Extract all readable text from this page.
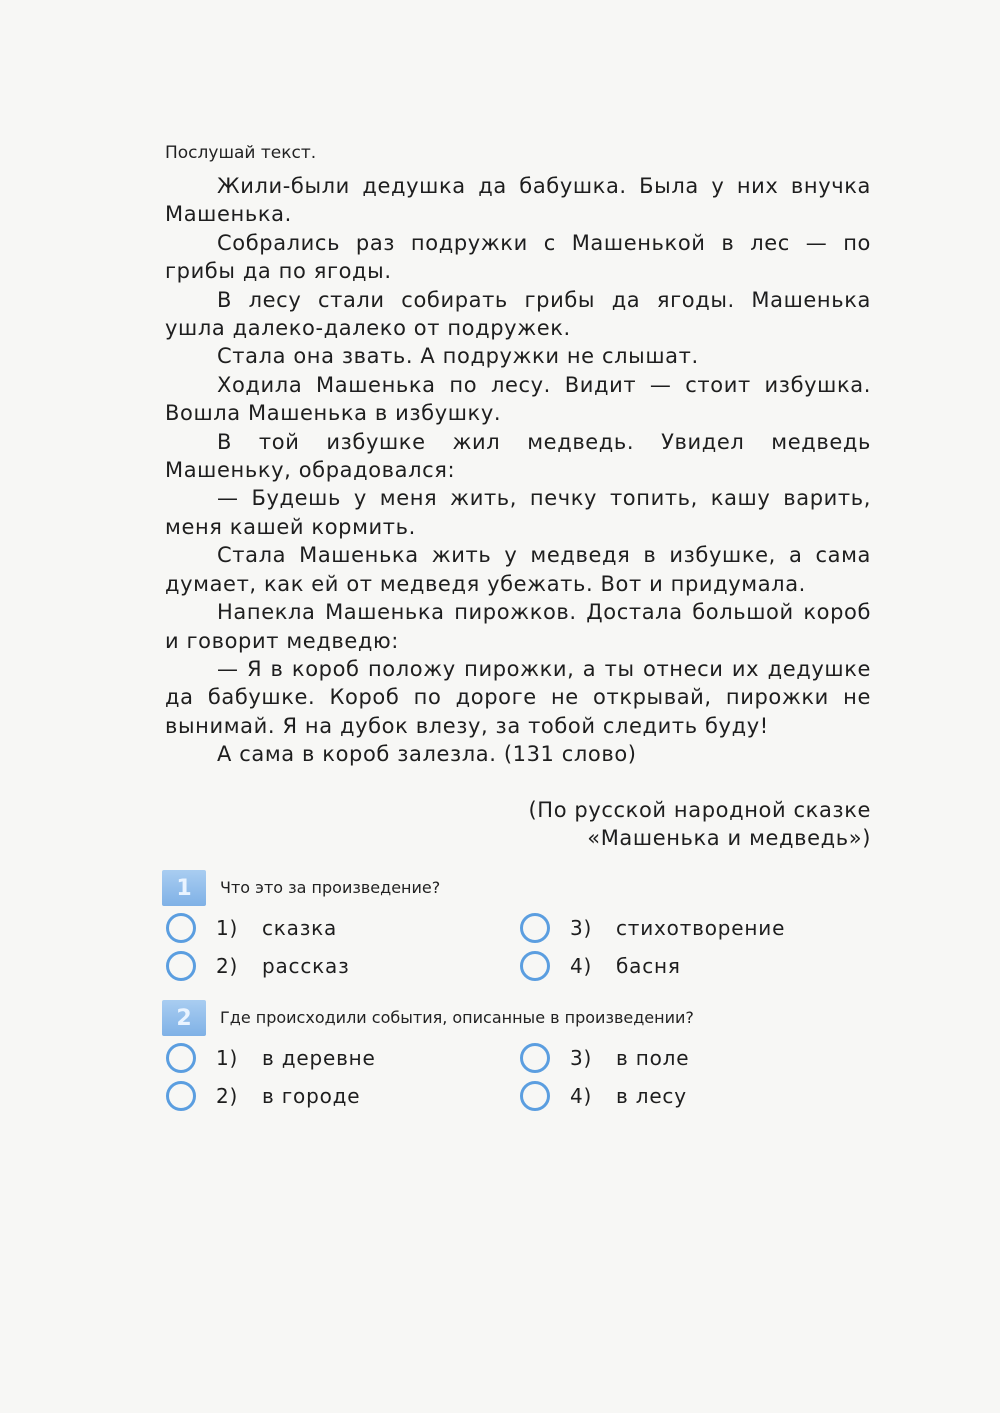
Послушай текст.

Жили-были дедушка да бабушка. Была у них внучка Машенька.

Собрались раз подружки с Машенькой в лес — по грибы да по ягоды.

В лесу стали собирать грибы да ягоды. Машенька ушла далеко-далеко от подружек.

Стала она звать. А подружки не слышат.

Ходила Машенька по лесу. Видит — стоит избушка. Вошла Машенька в избушку.

В той избушке жил медведь. Увидел медведь Машеньку, обрадовался:

— Будешь у меня жить, печку топить, кашу варить, меня кашей кормить.

Стала Машенька жить у медведя в избушке, а сама думает, как ей от медведя убежать. Вот и придумала.

Напекла Машенька пирожков. Достала большой короб и говорит медведю:

— Я в короб положу пирожки, а ты отнеси их дедушке да бабушке. Короб по дороге не открывай, пирожки не вынимай. Я на дубок влезу, за тобой следить буду!

А сама в короб залезла. (131 слово)

(По русской народной сказке
«Машенька и медведь»)
1	Что это за произведение?
1)	сказка
2)	рассказ
3)	стихотворение
4)	басня
2	Где происходили события, описанные в произведении?
1)	в деревне
2)	в городе
3)	в поле
4)	в лесу
